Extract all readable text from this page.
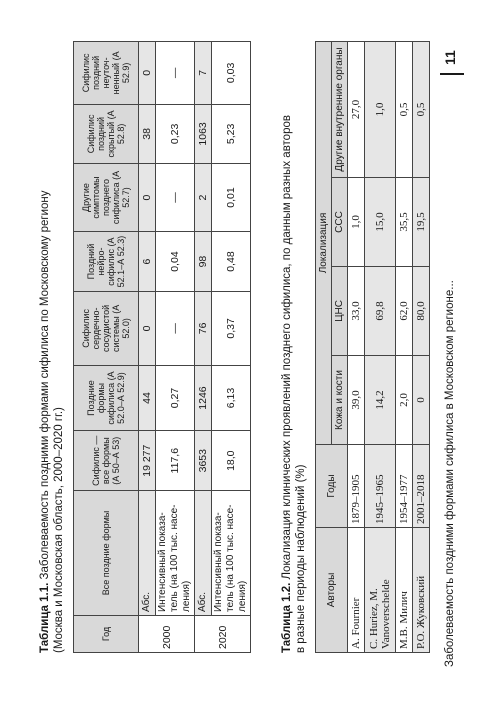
Таблица 1.1. Заболеваемость поздними формами сифилиса по Московскому региону (Москва и Московская область, 2000–2020 гг.)	Год	Все поздние формы	Сифилис — все формы (А 50–А 53)	Поздние формы сифилиса (А 52.0–А 52.9)	Сифилис сердечно-сосудистой системы (А 52.0)	Поздний нейро-сифилис (А 52.1–А 52.3)	Другие симптомы позднего сифилиса (А 52.7)	Сифилис поздний скрытый (А 52.8)	Сифилис поздний неуточ-ненный (А 52.9)
2000	Абс.	19 277	44	0	6	0	38	0
	Интенсивный показа-тель (на 100 тыс. насе-ления)	117,6	0,27	—	0,04	—	0,23	—
2020	Абс.	3653	1246	76	98	2	1063	7
	Интенсивный показа-тель (на 100 тыс. насе-ления)	18,0	6,13	0,37	0,48	0,01	5,23	0,03
Таблица 1.2. Локализация клинических проявлений позднего сифилиса, по данным разных авторов в разные периоды наблюдений (%) Авторы	Годы	Локализация			
		Кожа и кости	ЦНС	ССС	Другие внутренние органы
A. Fournier	1879–1905	39,0	33,0	1,0	27,0
C. Huriez, M. Vanoverschelde	1945–1965	14,2	69,8	15,0	1,0
М.В. Милич	1954–1977	2,0	62,0	35,5	0,5
Р.О. Жуковский	2001–2018	0	80,0	19,5	0,5
Заболеваемость поздними формами сифилиса в Московском регионе...
11
